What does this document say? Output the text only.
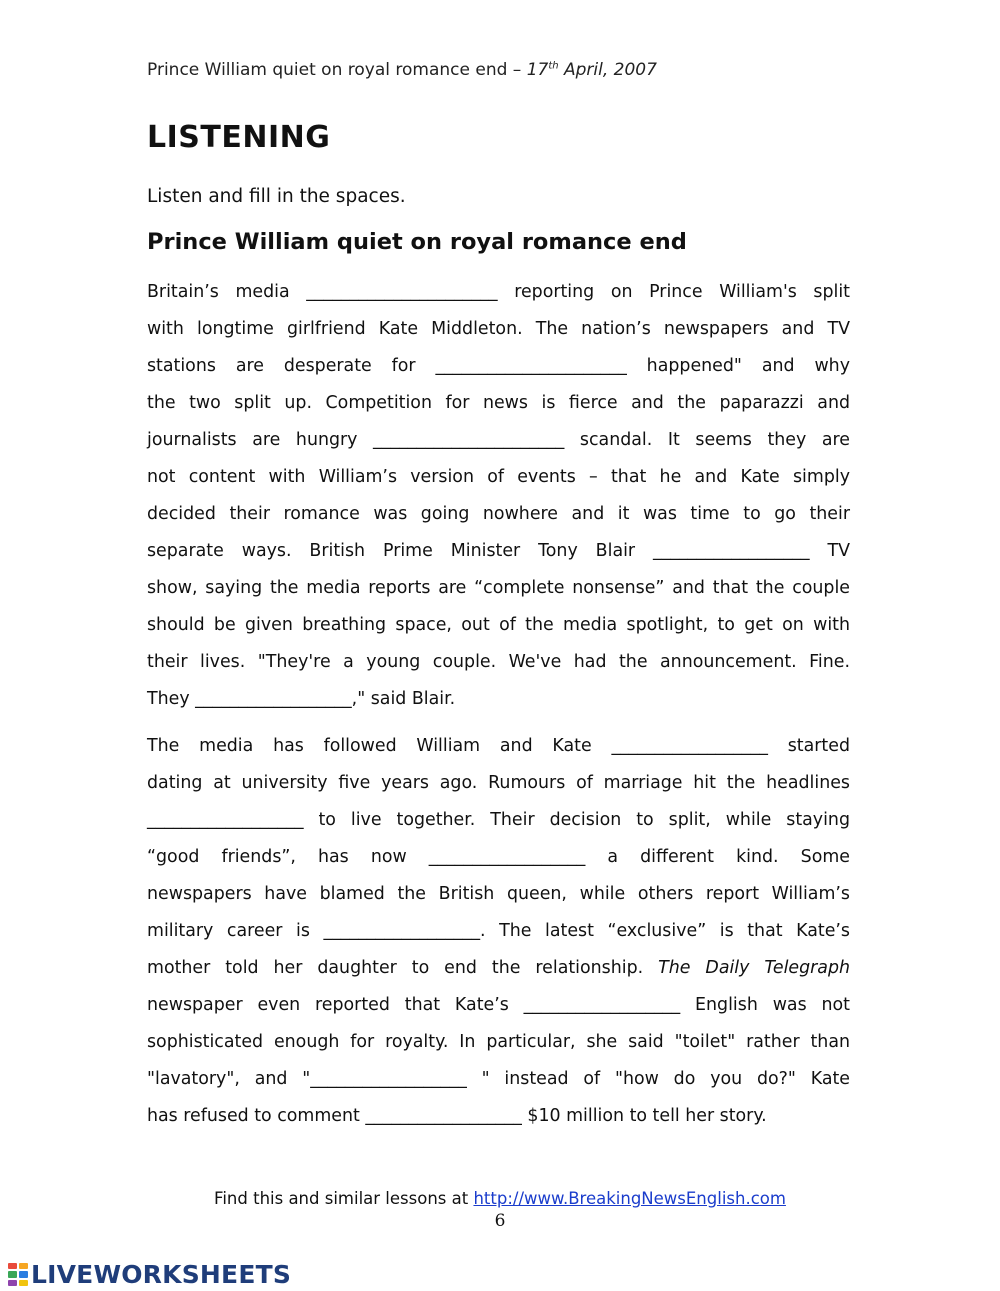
Prince William quiet on royal romance end – 17th April, 2007
LISTENING

Listen and fill in the spaces.

Prince William quiet on royal romance end
Britain’s media ______________________ reporting on Prince William's split
with longtime girlfriend Kate Middleton. The nation’s newspapers and TV
stations are desperate for ______________________ happened" and why
the two split up. Competition for news is fierce and the paparazzi and
journalists are hungry ______________________ scandal. It seems they are
not content with William’s version of events – that he and Kate simply
decided their romance was going nowhere and it was time to go their
separate ways. British Prime Minister Tony Blair __________________ TV
show, saying the media reports are “complete nonsense” and that the couple
should be given breathing space, out of the media spotlight, to get on with
their lives. "They're a young couple. We've had the announcement. Fine.
They __________________," said Blair.
The media has followed William and Kate __________________ started
dating at university five years ago. Rumours of marriage hit the headlines
__________________ to live together. Their decision to split, while staying
“good friends”, has now __________________ a different kind. Some
newspapers have blamed the British queen, while others report William’s
military career is __________________. The latest “exclusive” is that Kate’s
mother told her daughter to end the relationship. The Daily Telegraph
newspaper even reported that Kate’s __________________ English was not
sophisticated enough for royalty. In particular, she said "toilet" rather than
"lavatory", and "__________________ " instead of "how do you do?" Kate
has refused to comment __________________ $10 million to tell her story.
Find this and similar lessons at http://www.BreakingNewsEnglish.com
6
LIVEWORKSHEETS
